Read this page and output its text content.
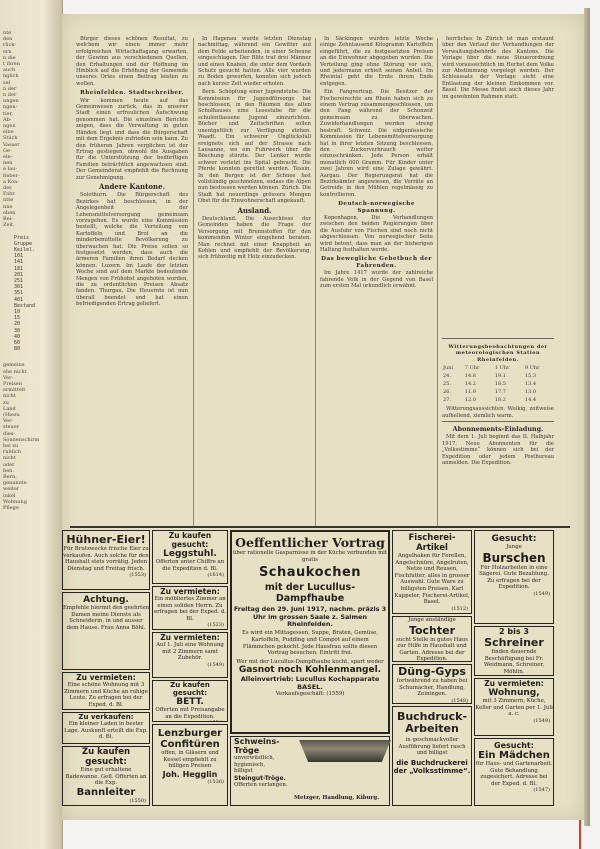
nte
den
rück-
ern
n die
t ihren
auch
nglich
sel
n der
n der
ungen
ngen-
tier,
Ab-
ngen
eine
Stück
Vasser
Ge-
ein-
nen
e lau-
fieber-
a Kon-
des
Fabr.
ntte
nne
oben
Rei-
Zeit,
Preis
Gruppe
Keilel.
101
141
181
201
251
301
351
401
Bestand
10
15
20
30
40
60
80
gemeine
ehe nicht
Ver-
Preisen
ermittelt
nicht
zu
Land
(Hiezu
Ver-
steuer
dies-
Sonnenschirm
bei zu
ruhlich
nicht
oder
hen.
Bern,
genannte
weiter
inkel
Wohnung
Pflege

Bürger dieses schönen Resultat, zu welchem wir einen immer mehr erfolgreichen Wirtschaftsgang erwarten, der Gewinn aus verschiedenen Quellen, den Erhaltungen und der Hoffnung im Hinblick auf die Erhöhung der Gemeinde unseres Ortes einen Beitrag leisten zu wollen.

Rheinfelden. Stadtschreiber.

Wir kommen heute auf das Gemeinwesen zurück, das in unserer Stadt einen erfreulichen Aufschwung genommen hat. Die einzelnen Berichte zeigen, dass die Verwaltung in guten Händen liegt und dass die Bürgerschaft mit dem Ergebnis zufrieden sein kann. Zu den früheren Jahren verglichen ist der Ertrag gestiegen, obwohl die Ausgaben für die Unterstützung der bedürftigen Familien beträchtlich angewachsen sind. Der Gemeinderat empfiehlt die Rechnung zur Genehmigung.

Andere Kantone.

Solothurn. Die Bürgerschaft des Bezirkes hat beschlossen, in der Angelegenheit der Lebensmittelversorgung gemeinsam vorzugehen. Es wurde eine Kommission bestellt, welche die Verteilung von Kartoffeln und Brot an die minderbemittelte Bevölkerung zu überwachen hat. Die Preise sollen so festgesetzt werden, dass auch die ärmeren Familien ihren Bedarf decken können. Luzern. Im Laufe der letzten Woche sind auf dem Markte bedeutende Mengen von Frühobst angeboten worden, die zu ordentlichen Preisen Absatz fanden. Thurgau. Die Heuernte ist nun überall beendet und hat einen befriedigenden Ertrag geliefert.

In Hagenau wurde letzten Dienstag nachmittag, während ein Gewitter auf dem Felde arbeitenden, in einer Scheune eingeschlagen. Der Blitz traf drei Männer und einen Knaben, die unter dem Vordach Schutz gesucht hatten. Alle vier wurden zu Boden geworfen, konnten sich jedoch nach kurzer Zeit wieder erholen.

Bern. Schöpfung einer Jugendstube. Die Kommission für Jugendfürsorge hat beschlossen, in den Räumen des alten Schulhauses eine Lesestube für die schulentlassene Jugend einzurichten. Bücher und Zeitschriften sollen unentgeltlich zur Verfügung stehen. Waadt. Ein schwerer Unglücksfall ereignete sich auf der Strasse nach Lausanne, wo ein Fuhrwerk über die Böschung stürzte. Der Lenker wurde schwer verletzt ins Spital gebracht. Die Pferde konnten gerettet werden. Tessin. In den Bergen ist der Schnee fast vollständig geschmolzen, sodass die Alpen nun bestossen werden können. Zürich. Die Stadt hat neuerdings grössere Mengen Obst für die Einwohnerschaft angekauft.

Ausland.

Deutschland. Die Ausschüsse der Gemeinden haben die Frage der Versorgung mit Brennstoffen für den kommenden Winter eingehend beraten. Man rechnet mit einer Knappheit an Kohlen und empfiehlt der Bevölkerung, sich frühzeitig mit Holz einzudecken.

In Säckingen wurden letzte Woche einige Zehntausend Kilogramm Kartoffeln eingeführt, die zu festgesetzten Preisen an die Einwohner abgegeben wurden. Die Verteilung ging ohne Störung vor sich, und jedermann erhielt seinen Anteil. Im Rheintal geht die Ernte ihrem Ende entgegen.

Ein Fangvertrag. Die Besitzer der Fischereirechte am Rhein haben sich zu einem Vertrag zusammengeschlossen, um den Fang während der Schonzeit gemeinsam zu überwachen. Zuwiderhandlungen werden streng bestraft. Schweiz. Die eidgenössische Kommission für Lebensmittelversorgung hat in ihrer letzten Sitzung beschlossen, den Zuckerverbrauch weiter einzuschränken. Jede Person erhält monatlich 600 Gramm. Für Kinder unter zwei Jahren wird eine Zulage gewährt. Aargau. Der Regierungsrat hat die Bezirksämter angewiesen, die Vorräte an Getreide in den Mühlen regelmässig zu kontrollieren.

Deutsch-norwegische Spannung.

Kopenhagen. Die Verhandlungen zwischen den beiden Regierungen über die Ausfuhr von Fischen sind noch nicht abgeschlossen. Von norwegischer Seite wird betont, dass man an der bisherigen Haltung festhalten werde.

Das bewegliche Gebetbuch der Fahrenden.

Im Jahre 1417 wurde der zahlreiche fahrende Volk in der Gegend von Basel zum ersten Mal urkundlich erwähnt.

herrliches In Zürich ist man erstaunt über den Verlauf der Verhandlungen der Verwaltungsbehörde des Kantons. Die Vorlage über die neue Steuerordnung wird voraussichtlich im Herbst dem Volke zur Abstimmung vorgelegt werden. Der Schlusssatz der Vorlage sieht eine Entlastung der kleinen Einkommen vor. Basel. Die Messe findet auch dieses Jahr im gewohnten Rahmen statt.

Witterungsbeobachtungen der meteorologischen Station Rheinfelden.
Juni	7 Uhr	1 Uhr	9 Uhr
24.	14.8	19.1	15.3
25.	14.2	18.5	13.4
26.	11.9	17.7	13.0
27.	12.0	18.2	14.4

Witterungsaussichten. Wolkig, zeitweise aufhellend, ziemlich warm.

Abonnements-Einladung.

Mit dem 1. Juli beginnt das II. Halbjahr 1917. Neue Abonnenten für die „Volksstimme“ können sich bei der Expedition oder jedem Postbureau anmelden. Die Expedition.

Hühner-Eier!
Für Brutzwecke frische Eier zu verkaufen. Auch solche für den Haushalt stets vorrätig. Jeden Dienstag und Freitag frisch.
(1553)
Achtung.
Empfehle hiermit den geehrten Damen meine Dienste als Schneiderin, in und ausser dem Hause. Frau Anna Böhl.
Zu vermieten:
Eine schöne Wohnung mit 3 Zimmern und Küche an ruhige Leute. Zu erfragen bei der Exped. d. Bl.
Zu verkaufen:
Ein kleiner Laden in bester Lage. Auskunft erteilt die Exp. d. Bl.
Zu kaufen gesucht:
Eine gut erhaltene Badewanne. Gefl. Offerten an die Exp.
Bannleiter
(1550)
Zu kaufen gesucht:
Leggstuhl.
Offerten unter Chiffre an die Expedition d. Bl.
(1614)
Zu vermieten:
Ein möbliertes Zimmer an einen soliden Herrn. Zu erfragen bei der Exped. d. Bl.
(1523)
Zu vermieten:
Auf 1. Juli eine Wohnung mit 2 Zimmern samt Zubehör.
(1549)
Zu kaufen gesucht:
BETT.
Offerten mit Preisangabe an die Expedition.
Lenzburger Confitüren
offen, in Gläsern und Kessel empfiehlt zu billigen Preisen
Joh. Hegglin
(1536)
Oeffentlicher Vortrag
über rationelle Gasparnisse in der Küche verbunden mit gratis
Schaukochen
mit der Lucullus-Dampfhaube
Freitag den 29. Juni 1917, nachm. präzis 3 Uhr im grossen Saale z. Salmen Rheinfelden.
Es wird ein Mittagessen, Suppe, Braten, Gemüse, Kartoffeln, Pudding und Compot auf einem Flämmchen gekocht. Jede Hausfrau sollte diesen Vortrag besuchen. Eintritt frei.
Wer mit der Lucullus-Dampfhaube kocht, spart weder
Gasnot noch Kohlenmangel.
Alleinvertrieb: Lucullus Kochapparate BASEL.
Verkaufsgeschäft: (1559)
Schweins-Tröge
unverwüstlich, hygienisch, billigst
Steingut-Tröge.
Offerten verlangen.
Metzger, Handlung, Kiburg.
Fischerei-Artikel
Angelhaken für Forellen, Angelschnüre, Angelruten, Netze und Reusen, Fischfutter, alles in grosser Auswahl. Gute Ware zu billigsten Preisen. Karl Kappeler, Fischerei-Artikel, Basel.
(1512)
Junge anständige
Tochter
sucht Stelle in gutes Haus zur Hilfe in Haushalt und Garten. Adresse bei der Expedition.
Düng-Gyps
fortwährend zu haben bei Schumacher, Handlung, Zeiningen.
(1548)
Buchdruck-Arbeiten
in geschmackvoller Ausführung liefert rasch und billigst
die Buchdruckerei der „Volksstimme“.
Gesucht:
Junge
Burschen
Für Holzarbeiten in eine Sägerei. Gute Bezahlung. Zu erfragen bei der Expedition.
(1549)
2 bis 3
Schreiner
finden dauernde Beschäftigung bei Fr. Weidmann, Schreiner, Möhlin.
Zu vermieten:
Wohnung,
mit 3 Zimmern, Küche, Keller und Garten per 1. Juli a. c.
(1549)
Gesucht:
Ein Mädchen
für Haus- und Gartenarbeit. Gute Behandlung zugesichert. Adresse bei der Exped. d. Bl.
(1547)
